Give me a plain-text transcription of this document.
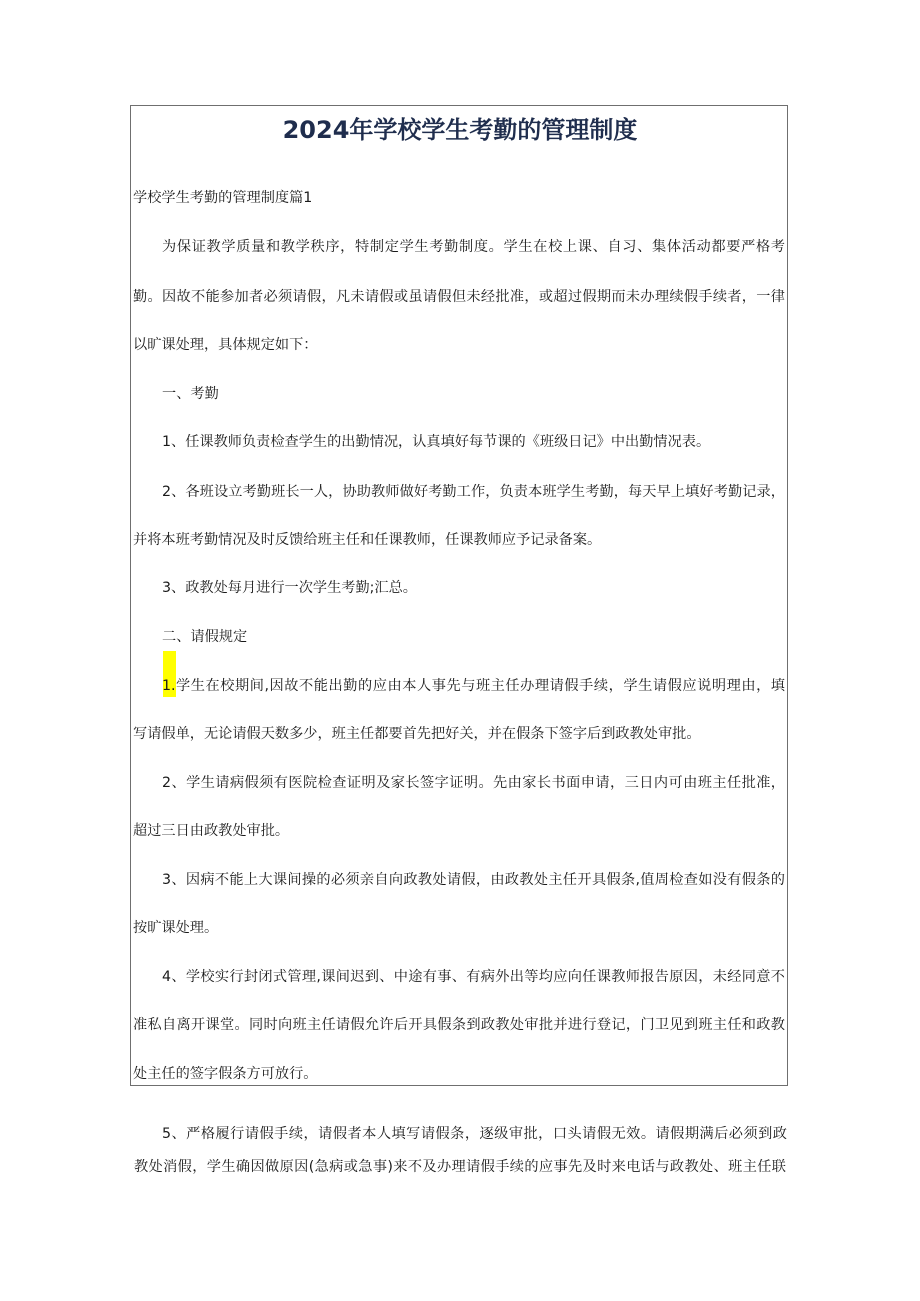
2024年学校学生考勤的管理制度

学校学生考勤的管理制度篇1

为保证教学质量和教学秩序，特制定学生考勤制度。学生在校上课、自习、集体活动都要严格考

勤。因故不能参加者必须请假，凡未请假或虽请假但未经批准，或超过假期而未办理续假手续者，一律

以旷课处理，具体规定如下：

一、考勤

1、任课教师负责检查学生的出勤情况，认真填好每节课的《班级日记》中出勤情况表。

2、各班设立考勤班长一人，协助教师做好考勤工作，负责本班学生考勤，每天早上填好考勤记录，

并将本班考勤情况及时反馈给班主任和任课教师，任课教师应予记录备案。

3、政教处每月进行一次学生考勤;汇总。

二、请假规定

1. 学生在校期间,因故不能出勤的应由本人事先与班主任办理请假手续，学生请假应说明理由，填

写请假单，无论请假天数多少，班主任都要首先把好关，并在假条下签字后到政教处审批。

2、学生请病假须有医院检查证明及家长签字证明。先由家长书面申请，三日内可由班主任批准，

超过三日由政教处审批。

3、因病不能上大课间操的必须亲自向政教处请假，由政教处主任开具假条,值周检查如没有假条的

按旷课处理。

4、学校实行封闭式管理,课间迟到、中途有事、有病外出等均应向任课教师报告原因，未经同意不

准私自离开课堂。同时向班主任请假允许后开具假条到政教处审批并进行登记，门卫见到班主任和政教

处主任的签字假条方可放行。

5、严格履行请假手续，请假者本人填写请假条，逐级审批，口头请假无效。请假期满后必须到政

教处消假，学生确因做原因(急病或急事)来不及办理请假手续的应事先及时来电话与政教处、班主任联
